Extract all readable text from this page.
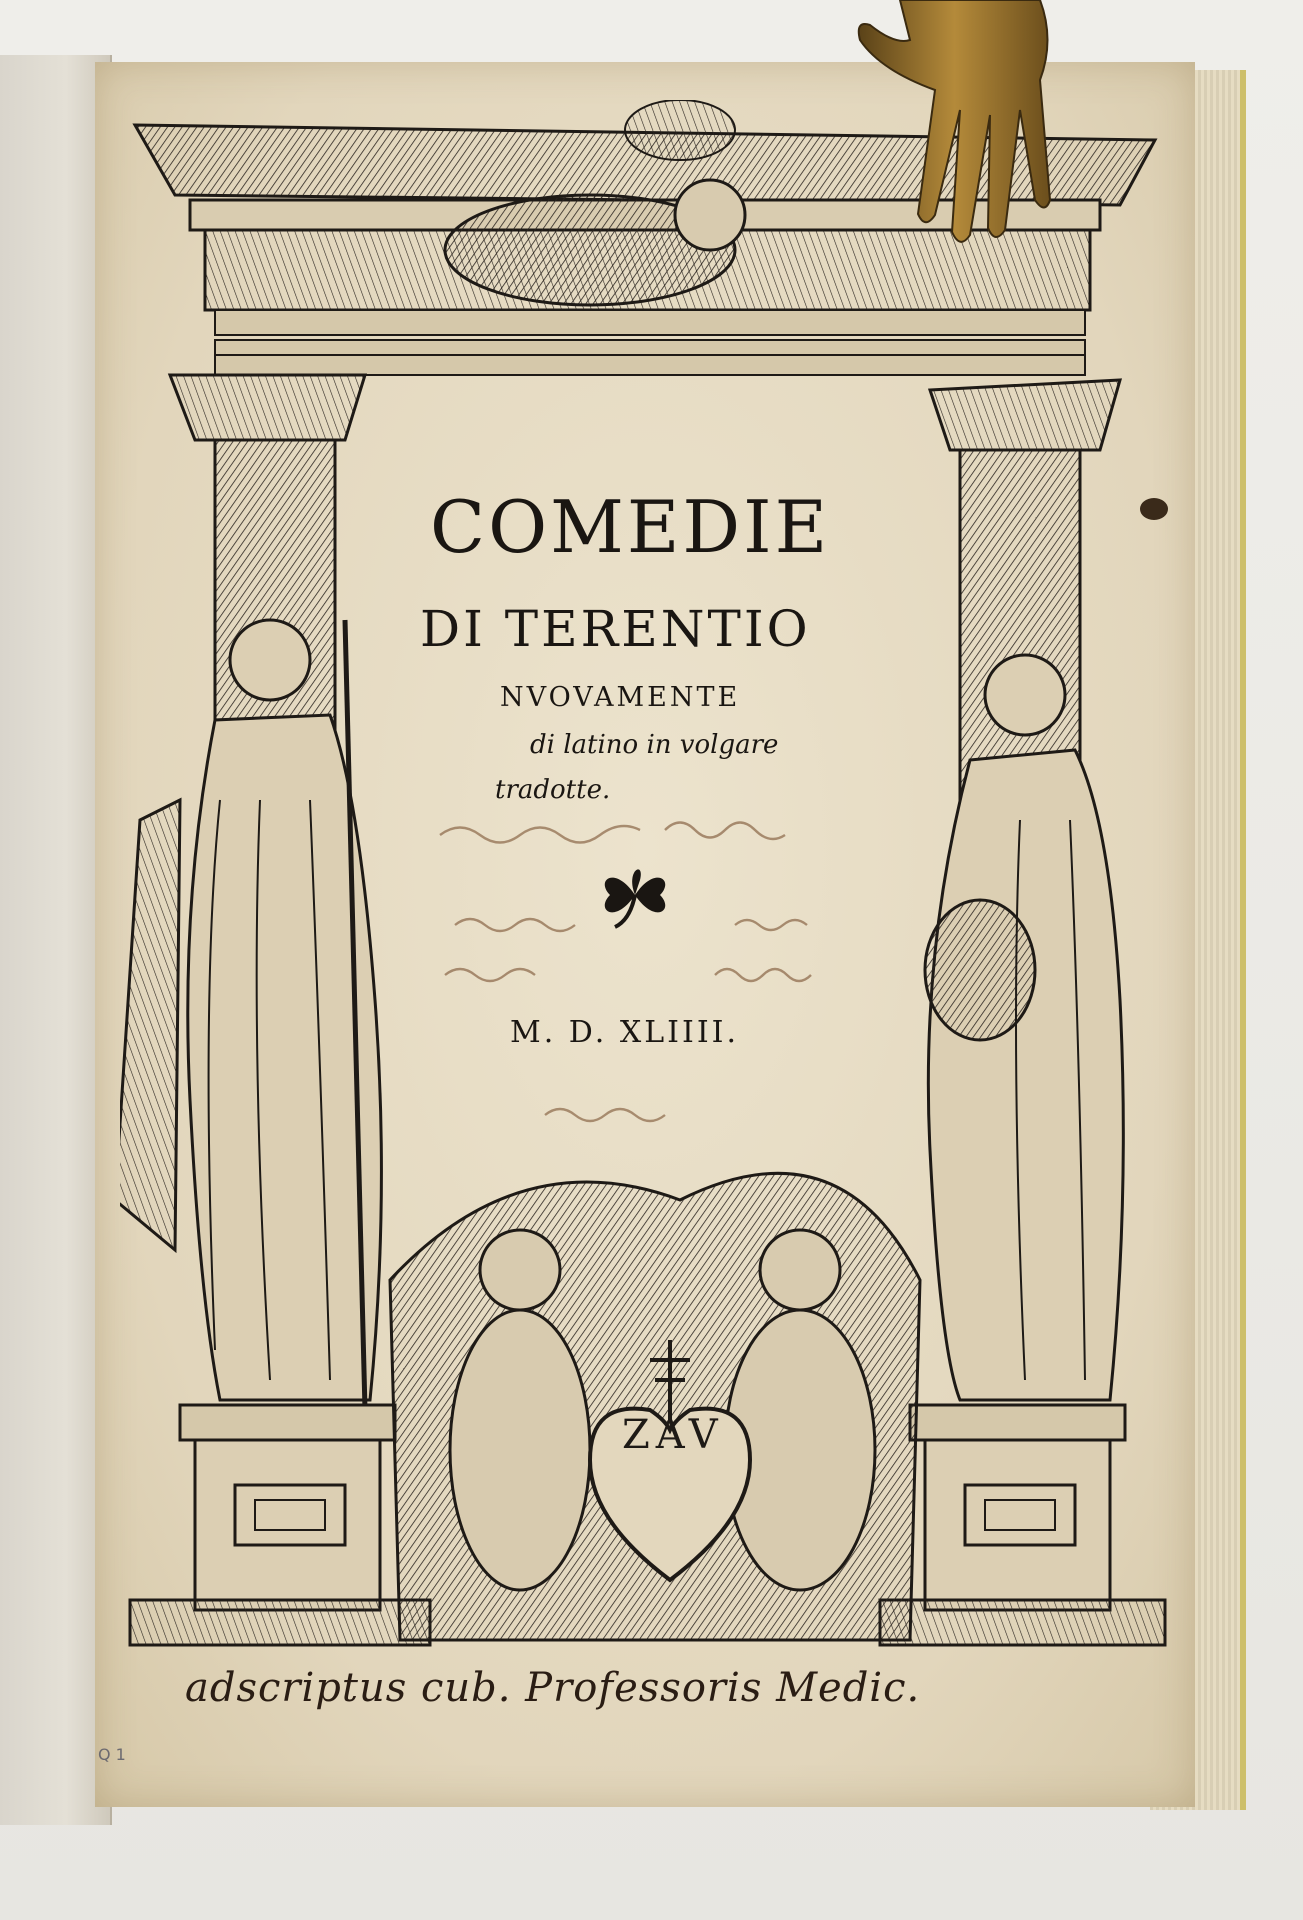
ZAV
COMEDIE
DI TERENTIO
NVOVAMENTE
di latino in volgare
tradotte.
M. D. XLIIII.
adscriptus cub. Professoris Medic.
Q 1
